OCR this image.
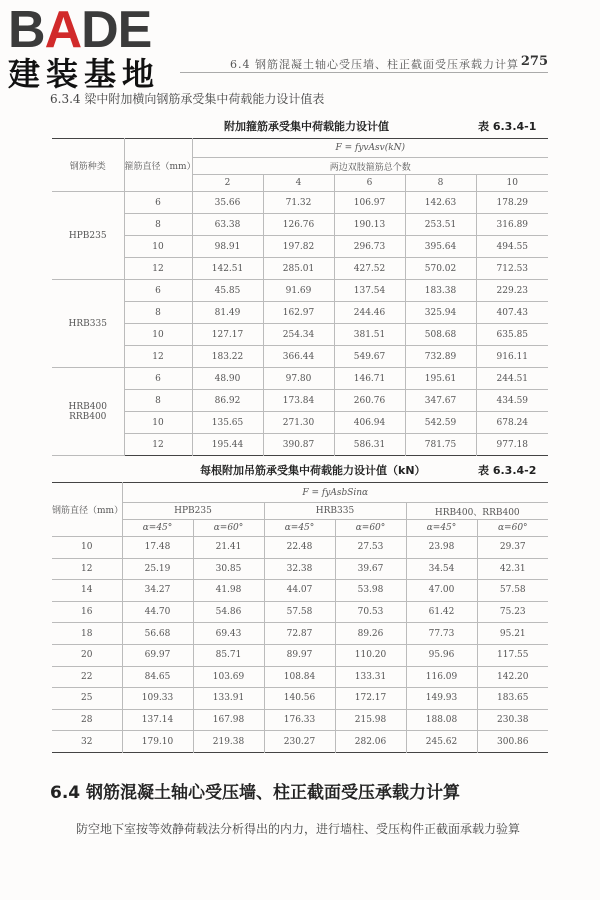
BADE
建装基地	6.4 钢筋混凝土轴心受压墙、柱正截面受压承载力计算 275
6.3.4 梁中附加横向钢筋承受集中荷载能力设计值表
附加箍筋承受集中荷载能力设计值	表 6.3.4-1
钢筋种类	箍筋直径（mm）	F = fyvAsv(kN)				
		两边双肢箍筋总个数				
		2	4	6	8	10
HPB235	6	35.66	71.32	106.97	142.63	178.29
	8	63.38	126.76	190.13	253.51	316.89
	10	98.91	197.82	296.73	395.64	494.55
	12	142.51	285.01	427.52	570.02	712.53
HRB335	6	45.85	91.69	137.54	183.38	229.23
	8	81.49	162.97	244.46	325.94	407.43
	10	127.17	254.34	381.51	508.68	635.85
	12	183.22	366.44	549.67	732.89	916.11
HRB400 RRB400	6	48.90	97.80	146.71	195.61	244.51
	8	86.92	173.84	260.76	347.67	434.59
	10	135.65	271.30	406.94	542.59	678.24
	12	195.44	390.87	586.31	781.75	977.18
每根附加吊筋承受集中荷载能力设计值（kN）	表 6.3.4-2
钢筋直径（mm）	F = fyAsbSinα					
	HPB235		HRB335		HRB400、RRB400	
	α=45°	α=60°	α=45°	α=60°	α=45°	α=60°
10	17.48	21.41	22.48	27.53	23.98	29.37
12	25.19	30.85	32.38	39.67	34.54	42.31
14	34.27	41.98	44.07	53.98	47.00	57.58
16	44.70	54.86	57.58	70.53	61.42	75.23
18	56.68	69.43	72.87	89.26	77.73	95.21
20	69.97	85.71	89.97	110.20	95.96	117.55
22	84.65	103.69	108.84	133.31	116.09	142.20
25	109.33	133.91	140.56	172.17	149.93	183.65
28	137.14	167.98	176.33	215.98	188.08	230.38
32	179.10	219.38	230.27	282.06	245.62	300.86
6.4 钢筋混凝土轴心受压墙、柱正截面受压承载力计算
防空地下室按等效静荷载法分析得出的内力，进行墙柱、受压构件正截面承载力验算
